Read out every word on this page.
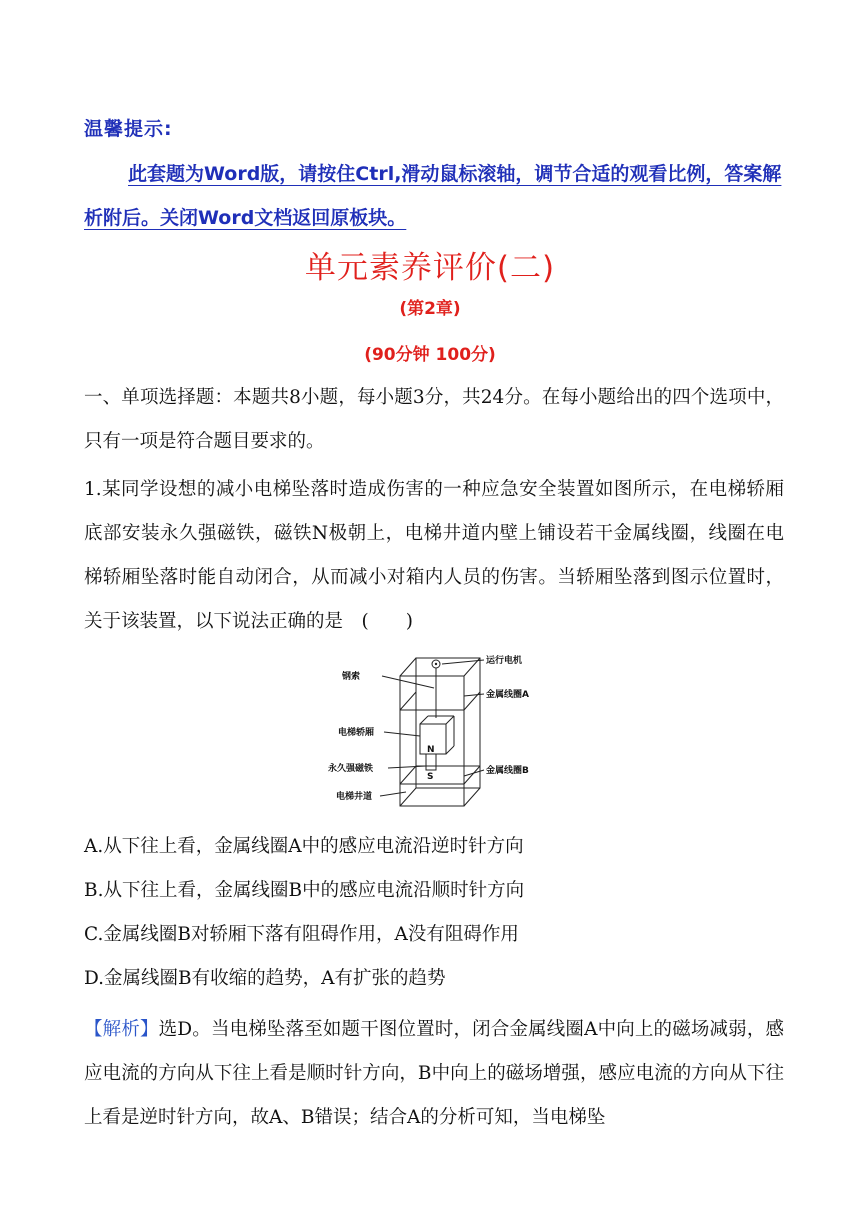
温馨提示:
此套题为Word版，请按住Ctrl,滑动鼠标滚轴，调节合适的观看比例，答案解析附后。关闭Word文档返回原板块。
单元素养评价(二)
(第2章)
(90分钟 100分)
一、单项选择题：本题共8小题，每小题3分，共24分。在每小题给出的四个选项中，只有一项是符合题目要求的。
1.某同学设想的减小电梯坠落时造成伤害的一种应急安全装置如图所示，在电梯轿厢底部安装永久强磁铁，磁铁N极朝上，电梯井道内壁上铺设若干金属线圈，线圈在电梯轿厢坠落时能自动闭合，从而减小对箱内人员的伤害。当轿厢坠落到图示位置时，关于该装置，以下说法正确的是　(　　)
运行电机
钢索
金属线圈A
电梯轿厢
永久强磁铁	金属线圈B
电梯井道
N
S
A.从下往上看，金属线圈A中的感应电流沿逆时针方向
B.从下往上看，金属线圈B中的感应电流沿顺时针方向
C.金属线圈B对轿厢下落有阻碍作用，A没有阻碍作用
D.金属线圈B有收缩的趋势，A有扩张的趋势
【解析】选D。当电梯坠落至如题干图位置时，闭合金属线圈A中向上的磁场减弱，感应电流的方向从下往上看是顺时针方向，B中向上的磁场增强，感应电流的方向从下往上看是逆时针方向，故A、B错误；结合A的分析可知，当电梯坠
